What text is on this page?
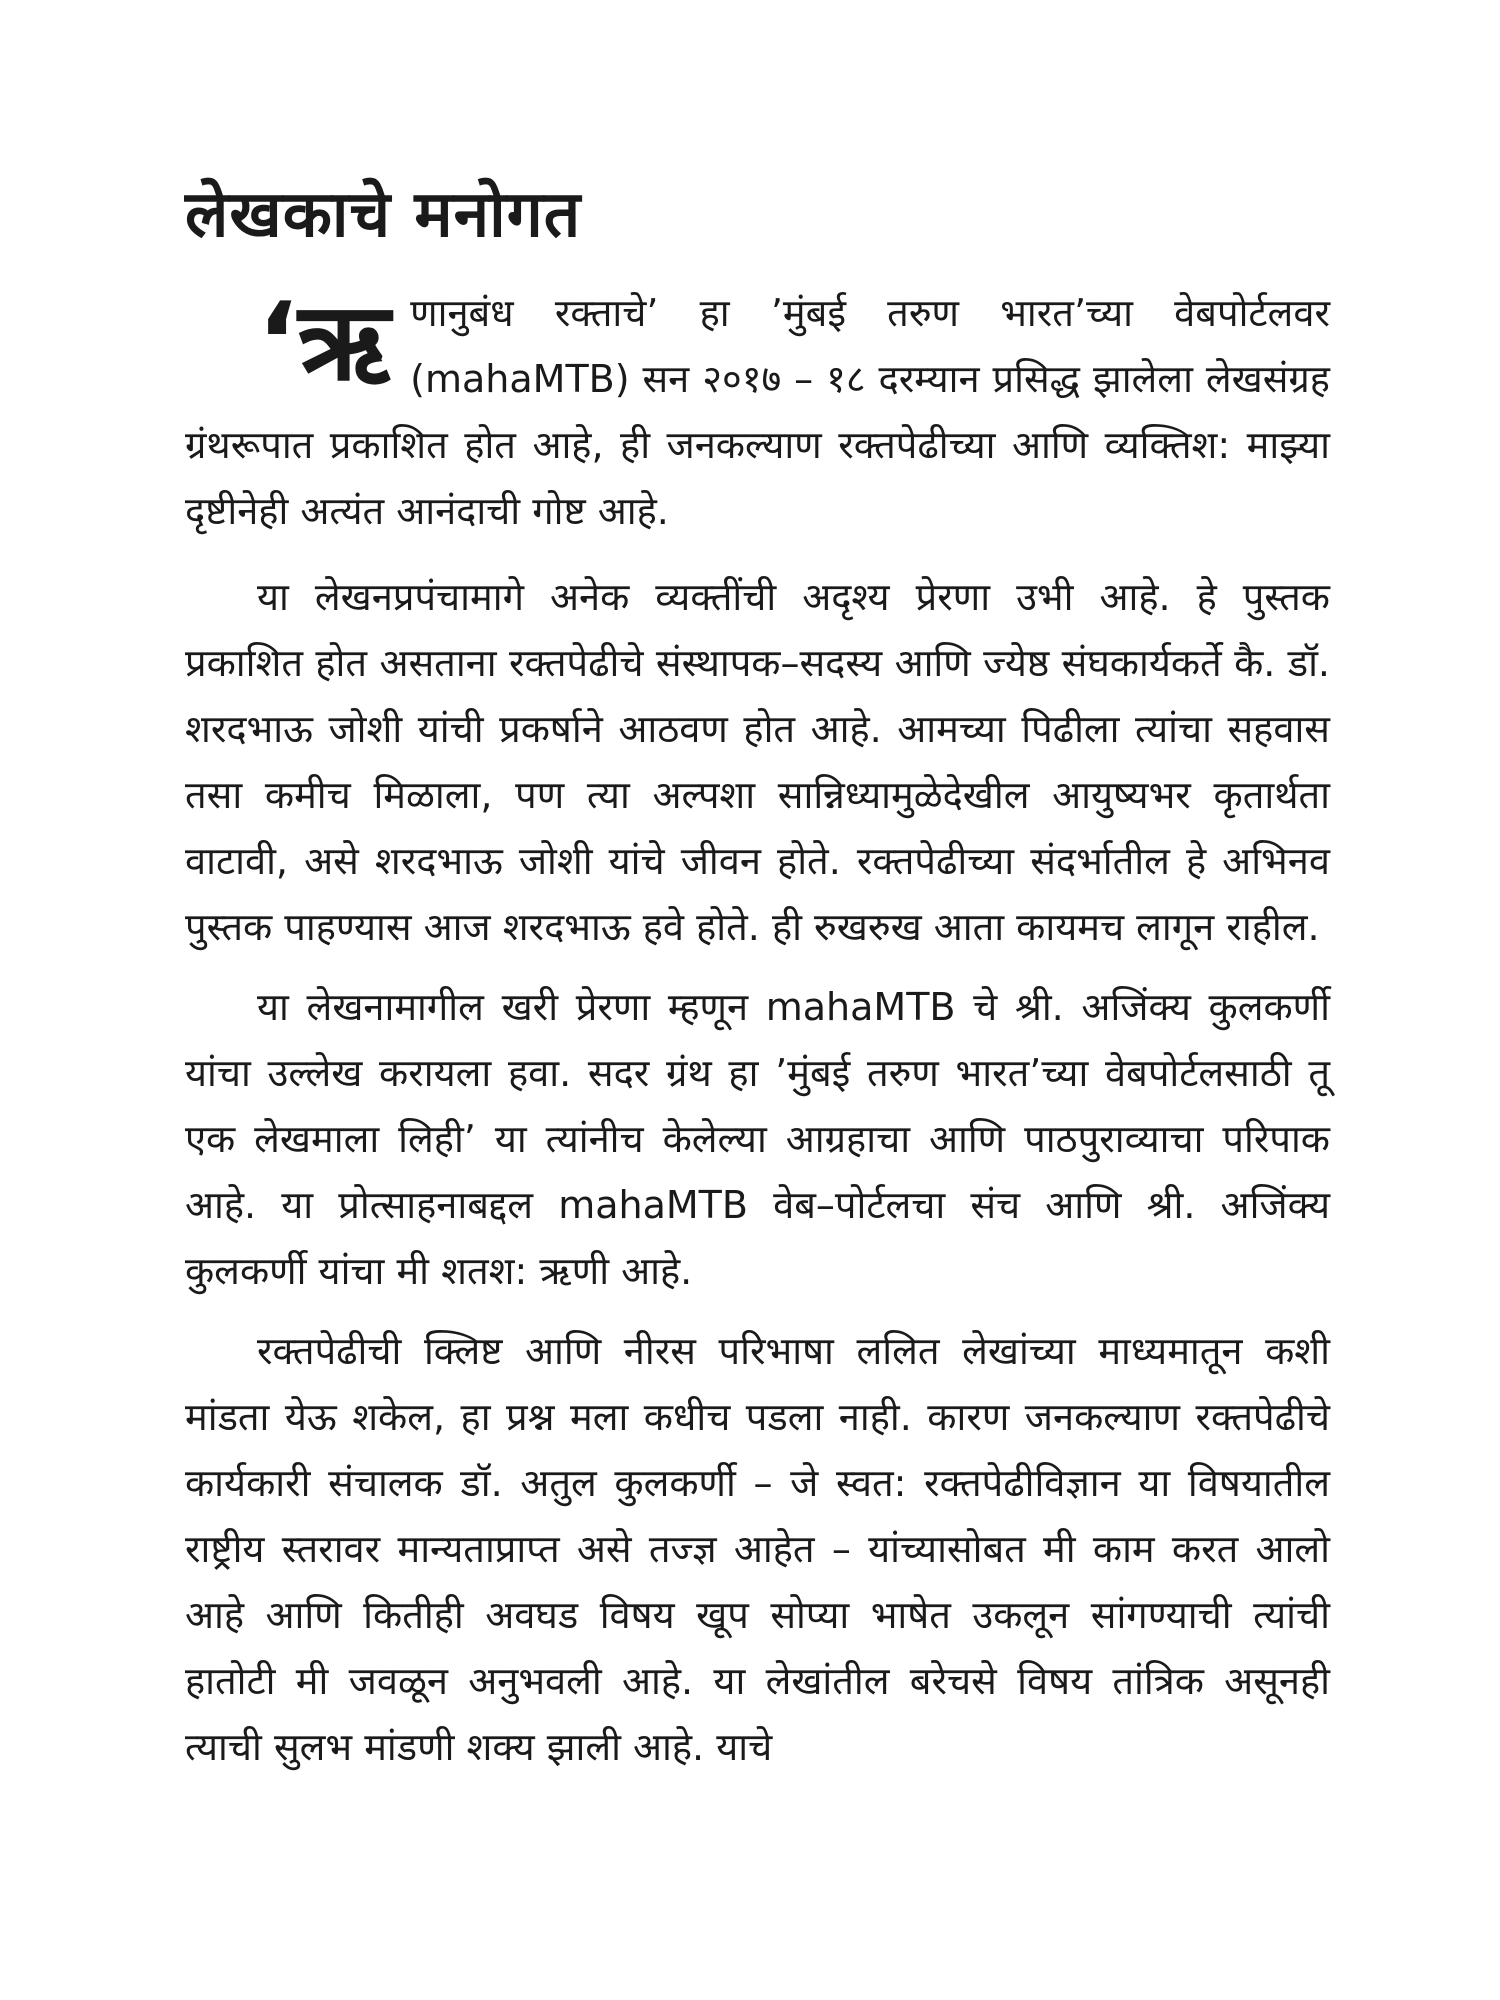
लेखकाचे मनोगत
‘ऋ णानुबंध रक्ताचे’ हा ’मुंबई तरुण भारत’च्या वेबपोर्टलवर (mahaMTB) सन २०१७ – १८ दरम्यान प्रसिद्ध झालेला लेखसंग्रह ग्रंथरूपात प्रकाशित होत आहे, ही जनकल्याण रक्तपेढीच्या आणि व्यक्तिश: माझ्या दृष्टीनेही अत्यंत आनंदाची गोष्ट आहे.

या लेखनप्रपंचामागे अनेक व्यक्तींची अदृश्य प्रेरणा उभी आहे. हे पुस्तक प्रकाशित होत असताना रक्तपेढीचे संस्थापक–सदस्य आणि ज्येष्ठ संघकार्यकर्ते कै. डॉ. शरदभाऊ जोशी यांची प्रकर्षाने आठवण होत आहे. आमच्या पिढीला त्यांचा सहवास तसा कमीच मिळाला, पण त्या अल्पशा सान्निध्यामुळेदेखील आयुष्यभर कृतार्थता वाटावी, असे शरदभाऊ जोशी यांचे जीवन होते. रक्तपेढीच्या संदर्भातील हे अभिनव पुस्तक पाहण्यास आज शरदभाऊ हवे होते. ही रुखरुख आता कायमच लागून राहील.

या लेखनामागील खरी प्रेरणा म्हणून mahaMTB चे श्री. अजिंक्य कुलकर्णी यांचा उल्लेख करायला हवा. सदर ग्रंथ हा ’मुंबई तरुण भारत’च्या वेबपोर्टलसाठी तू एक लेखमाला लिही’ या त्यांनीच केलेल्या आग्रहाचा आणि पाठपुराव्याचा परिपाक आहे. या प्रोत्साहनाबद्दल mahaMTB वेब–पोर्टलचा संच आणि श्री. अजिंक्य कुलकर्णी यांचा मी शतश: ऋणी आहे.

रक्तपेढीची क्लिष्ट आणि नीरस परिभाषा ललित लेखांच्या माध्यमातून कशी मांडता येऊ शकेल, हा प्रश्न मला कधीच पडला नाही. कारण जनकल्याण रक्तपेढीचे कार्यकारी संचालक डॉ. अतुल कुलकर्णी – जे स्वत: रक्तपेढीविज्ञान या विषयातील राष्ट्रीय स्तरावर मान्यताप्राप्त असे तज्ज्ञ आहेत – यांच्यासोबत मी काम करत आलो आहे आणि कितीही अवघड विषय खूप सोप्या भाषेत उकलून सांगण्याची त्यांची हातोटी मी जवळून अनुभवली आहे. या लेखांतील बरेचसे विषय तांत्रिक असूनही त्याची सुलभ मांडणी शक्य झाली आहे. याचे
